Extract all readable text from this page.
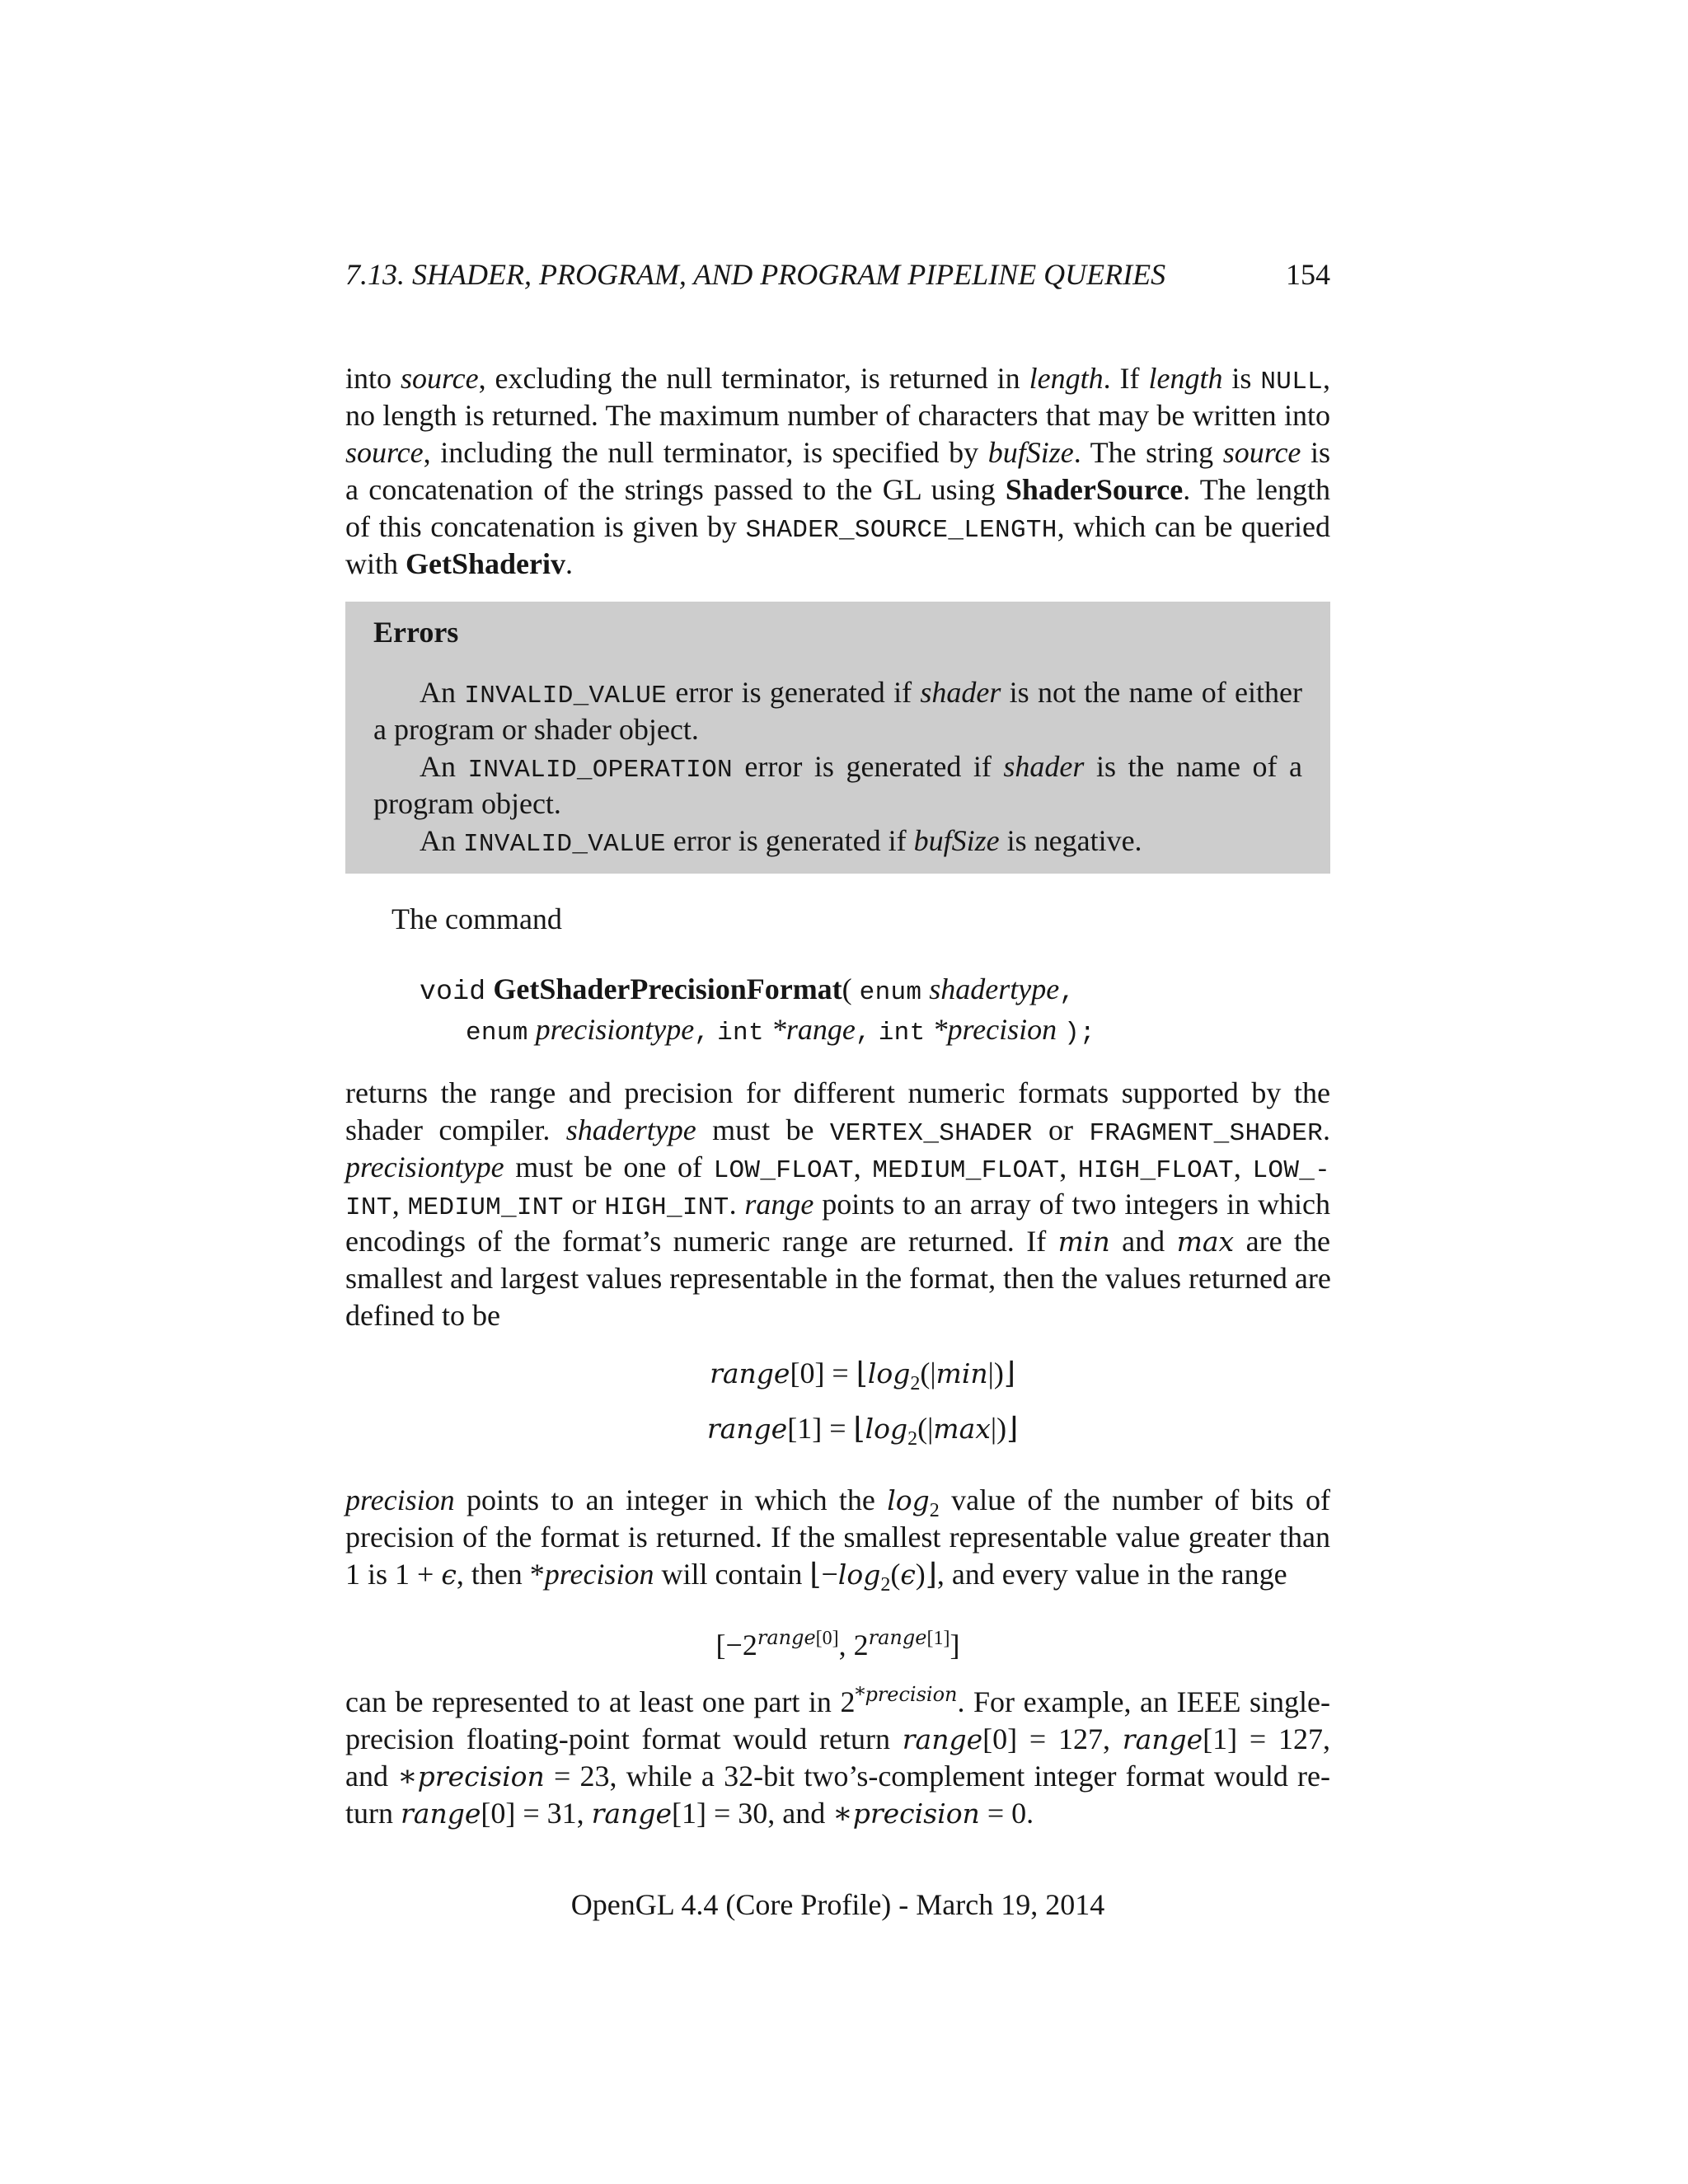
7.13. SHADER, PROGRAM, AND PROGRAM PIPELINE QUERIES	154
into source, excluding the null terminator, is returned in length. If length is NULL,
no length is returned. The maximum number of characters that may be written into
source, including the null terminator, is specified by bufSize. The string source is
a concatenation of the strings passed to the GL using ShaderSource. The length
of this concatenation is given by SHADER_SOURCE_LENGTH, which can be queried
with GetShaderiv.
Errors
An INVALID_VALUE error is generated if shader is not the name of either
a program or shader object.
An INVALID_OPERATION error is generated if shader is the name of a
program object.
An INVALID_VALUE error is generated if bufSize is negative.
The command
void GetShaderPrecisionFormat( enum shadertype,
enum precisiontype, int *range, int *precision );
returns the range and precision for different numeric formats supported by the
shader compiler. shadertype must be VERTEX_SHADER or FRAGMENT_SHADER.
precisiontype must be one of LOW_FLOAT, MEDIUM_FLOAT, HIGH_FLOAT, LOW_-
INT, MEDIUM_INT or HIGH_INT. range points to an array of two integers in which
encodings of the format’s numeric range are returned. If min and max are the
smallest and largest values representable in the format, then the values returned are
defined to be
range[0] = $⌊\log_2(|\min|)⌋$
range[1] = $⌊\log_2(|\max|)⌋$
precision points to an integer in which the $\log_2$ value of the number of bits of
precision of the format is returned. If the smallest representable value greater than
1 is 1 + ϵ, then *precision will contain $⌊-\log_2(\epsilon)⌋$, and every value in the range
[$-2^{range[0]}$, $2^{range[1]}$]
can be represented to at least one part in $2^{*precision}$. For example, an IEEE single-
precision floating-point format would return range[0] = 127, range[1] = 127,
and ∗precision = 23, while a 32-bit two’s-complement integer format would re-
turn range[0] = 31, range[1] = 30, and ∗precision = 0.
OpenGL 4.4 (Core Profile) - March 19, 2014
